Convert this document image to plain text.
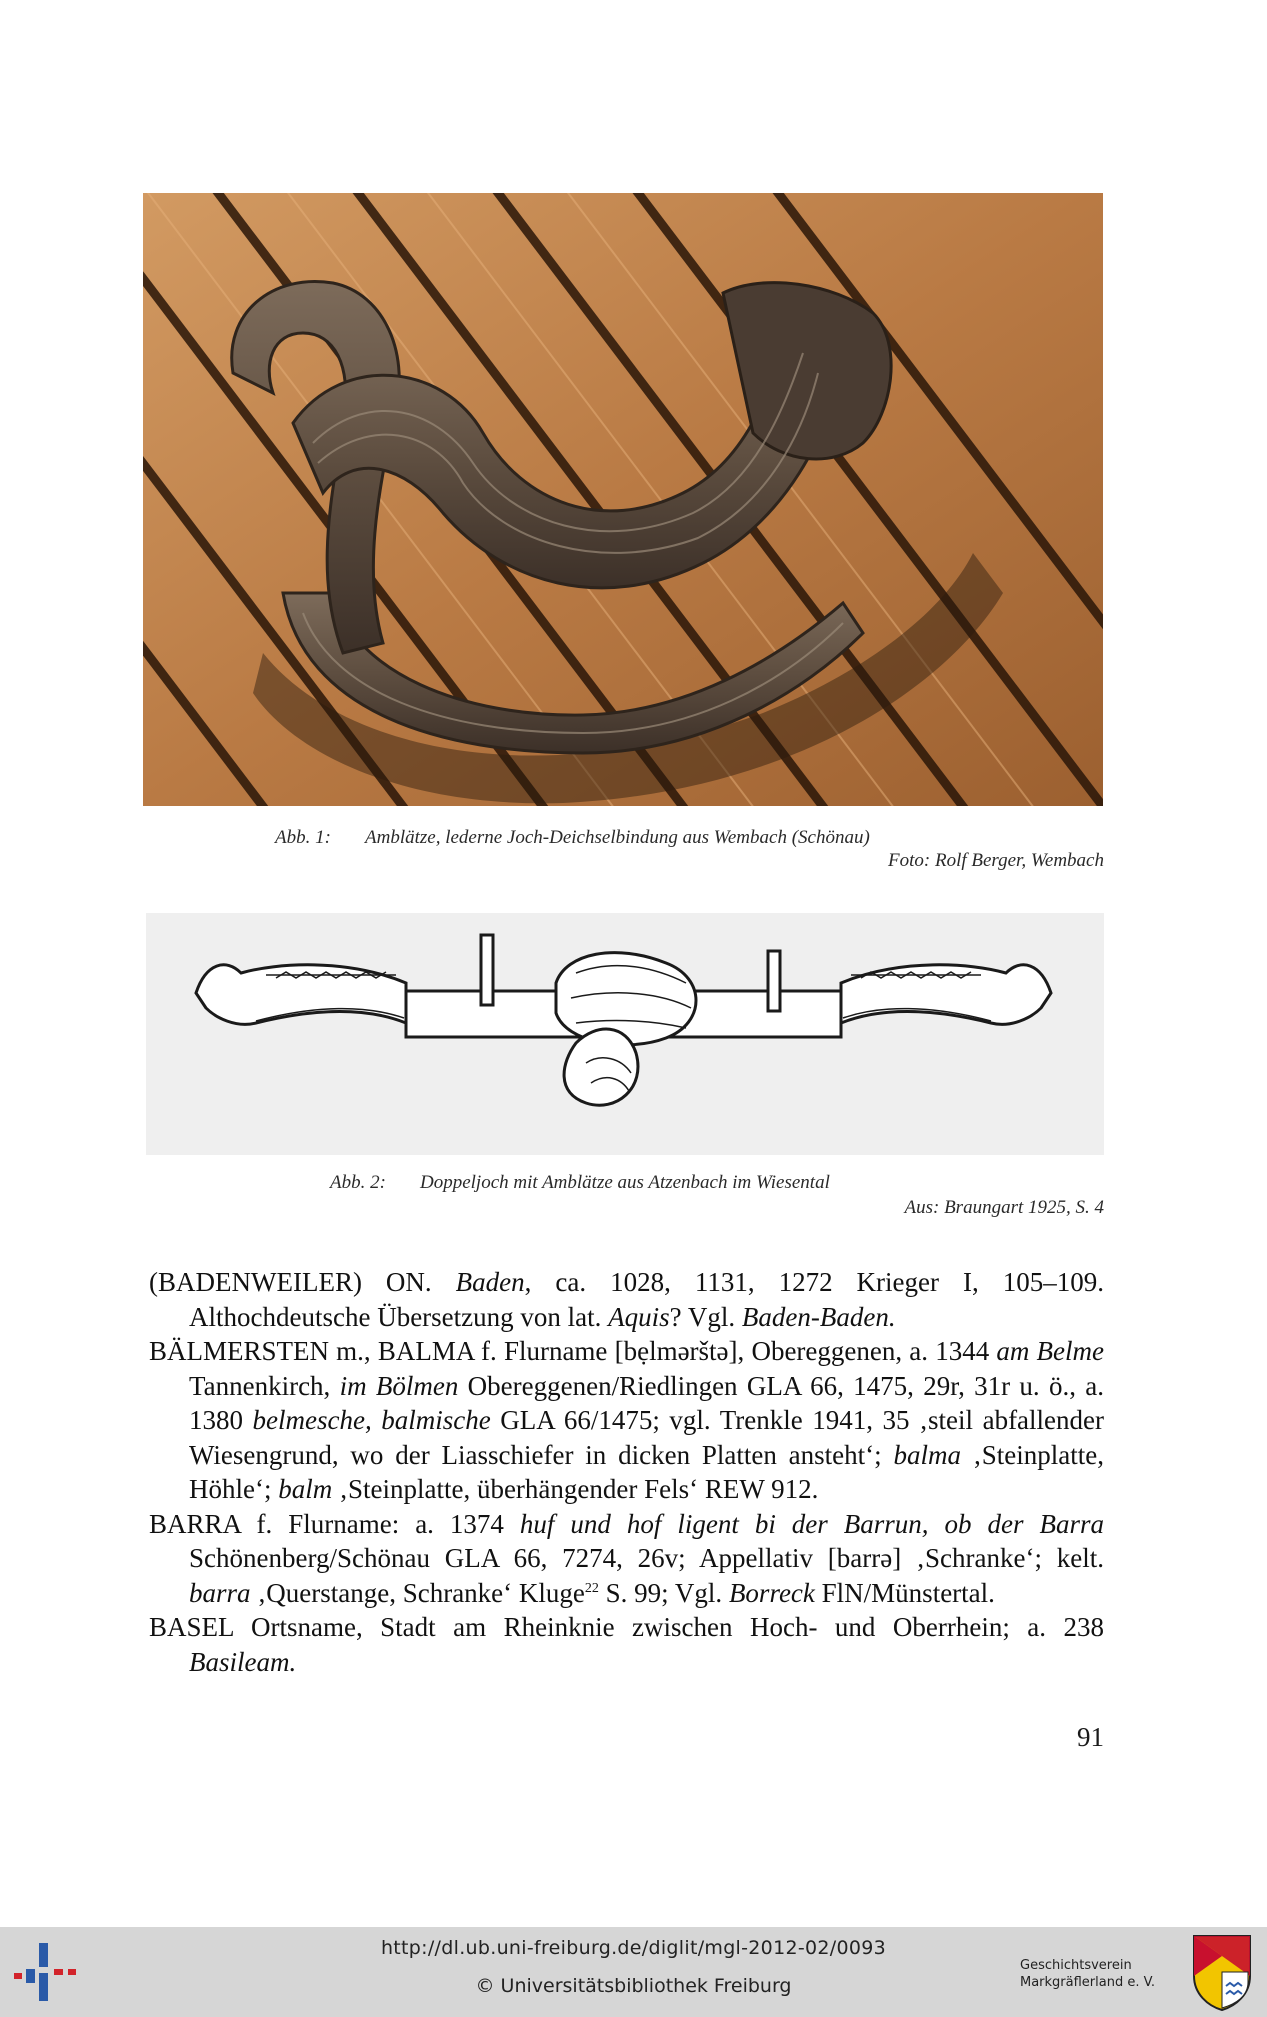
Abb. 1: Amblätze, lederne Joch-Deichselbindung aus Wembach (Schönau)
Foto: Rolf Berger, Wembach
Abb. 2: Doppeljoch mit Amblätze aus Atzenbach im Wiesental
Aus: Braungart 1925, S. 4

(BADENWEILER) ON. Baden, ca. 1028, 1131, 1272 Krieger I, 105–109. Althochdeutsche Übersetzung von lat. Aquis? Vgl. Baden-Baden.

BÄLMERSTEN m., BALMA f. Flurname [bẹlmərštə], Obereggenen, a. 1344 am Belme Tannenkirch, im Bölmen Obereggenen/Riedlingen GLA 66, 1475, 29r, 31r u. ö., a. 1380 belmesche, balmische GLA 66/1475; vgl. Trenkle 1941, 35 ‚steil abfallender Wiesengrund, wo der Liasschiefer in dicken Platten ansteht‘; balma ‚Steinplatte, Höhle‘; balm ‚Steinplatte, überhängender Fels‘ REW 912.

BARRA f. Flurname: a. 1374 huf und hof ligent bi der Barrun, ob der Barra Schönenberg/Schönau GLA 66, 7274, 26v; Appellativ [barrə] ‚Schranke‘; kelt. barra ‚Querstange, Schranke‘ Kluge$^{22}$ S. 99; Vgl. Borreck FlN/Münstertal.

BASEL Ortsname, Stadt am Rheinknie zwischen Hoch- und Oberrhein; a. 238 Basileam.

91
http://dl.ub.uni-freiburg.de/diglit/mgl-2012-02/0093
© Universitätsbibliothek Freiburg
Geschichtsverein
Markgräflerland e. V.
